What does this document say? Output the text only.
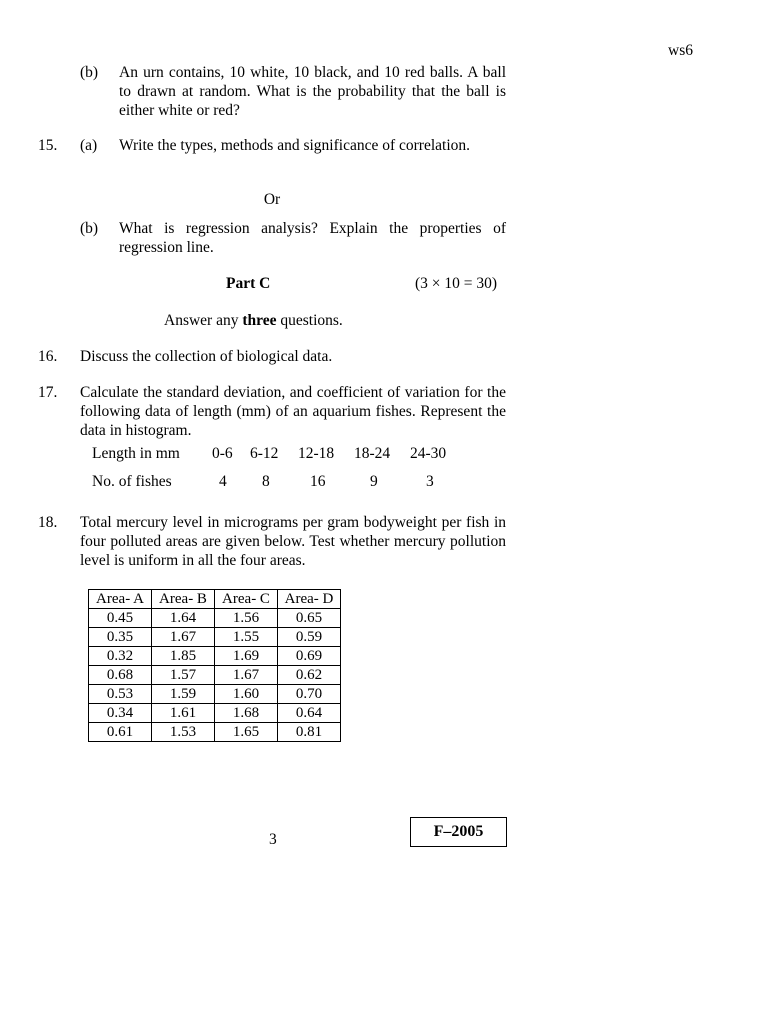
ws6
(b) An urn contains, 10 white, 10 black, and 10 red balls. A ball to drawn at random. What is the probability that the ball is either white or red?
15. (a) Write the types, methods and significance of correlation.
Or
(b) What is regression analysis? Explain the properties of regression line.
Part C	(3 × 10 = 30)
Answer any three questions.
16. Discuss the collection of biological data.
17. Calculate the standard deviation, and coefficient of variation for the following data of length (mm) of an aquarium fishes. Represent the data in histogram.
Length in mm 0-6 6-12 12-18 18-24 24-30
No. of fishes	4 8	16	9	3
18. Total mercury level in micrograms per gram bodyweight per fish in four polluted areas are given below. Test whether mercury pollution level is uniform in all the four areas.
Area- A	Area- B	Area- C	Area- D
0.45	1.64	1.56	0.65
0.35	1.67	1.55	0.59
0.32	1.85	1.69	0.69
0.68	1.57	1.67	0.62
0.53	1.59	1.60	0.70
0.34	1.61	1.68	0.64
0.61	1.53	1.65	0.81
3	F–2005
